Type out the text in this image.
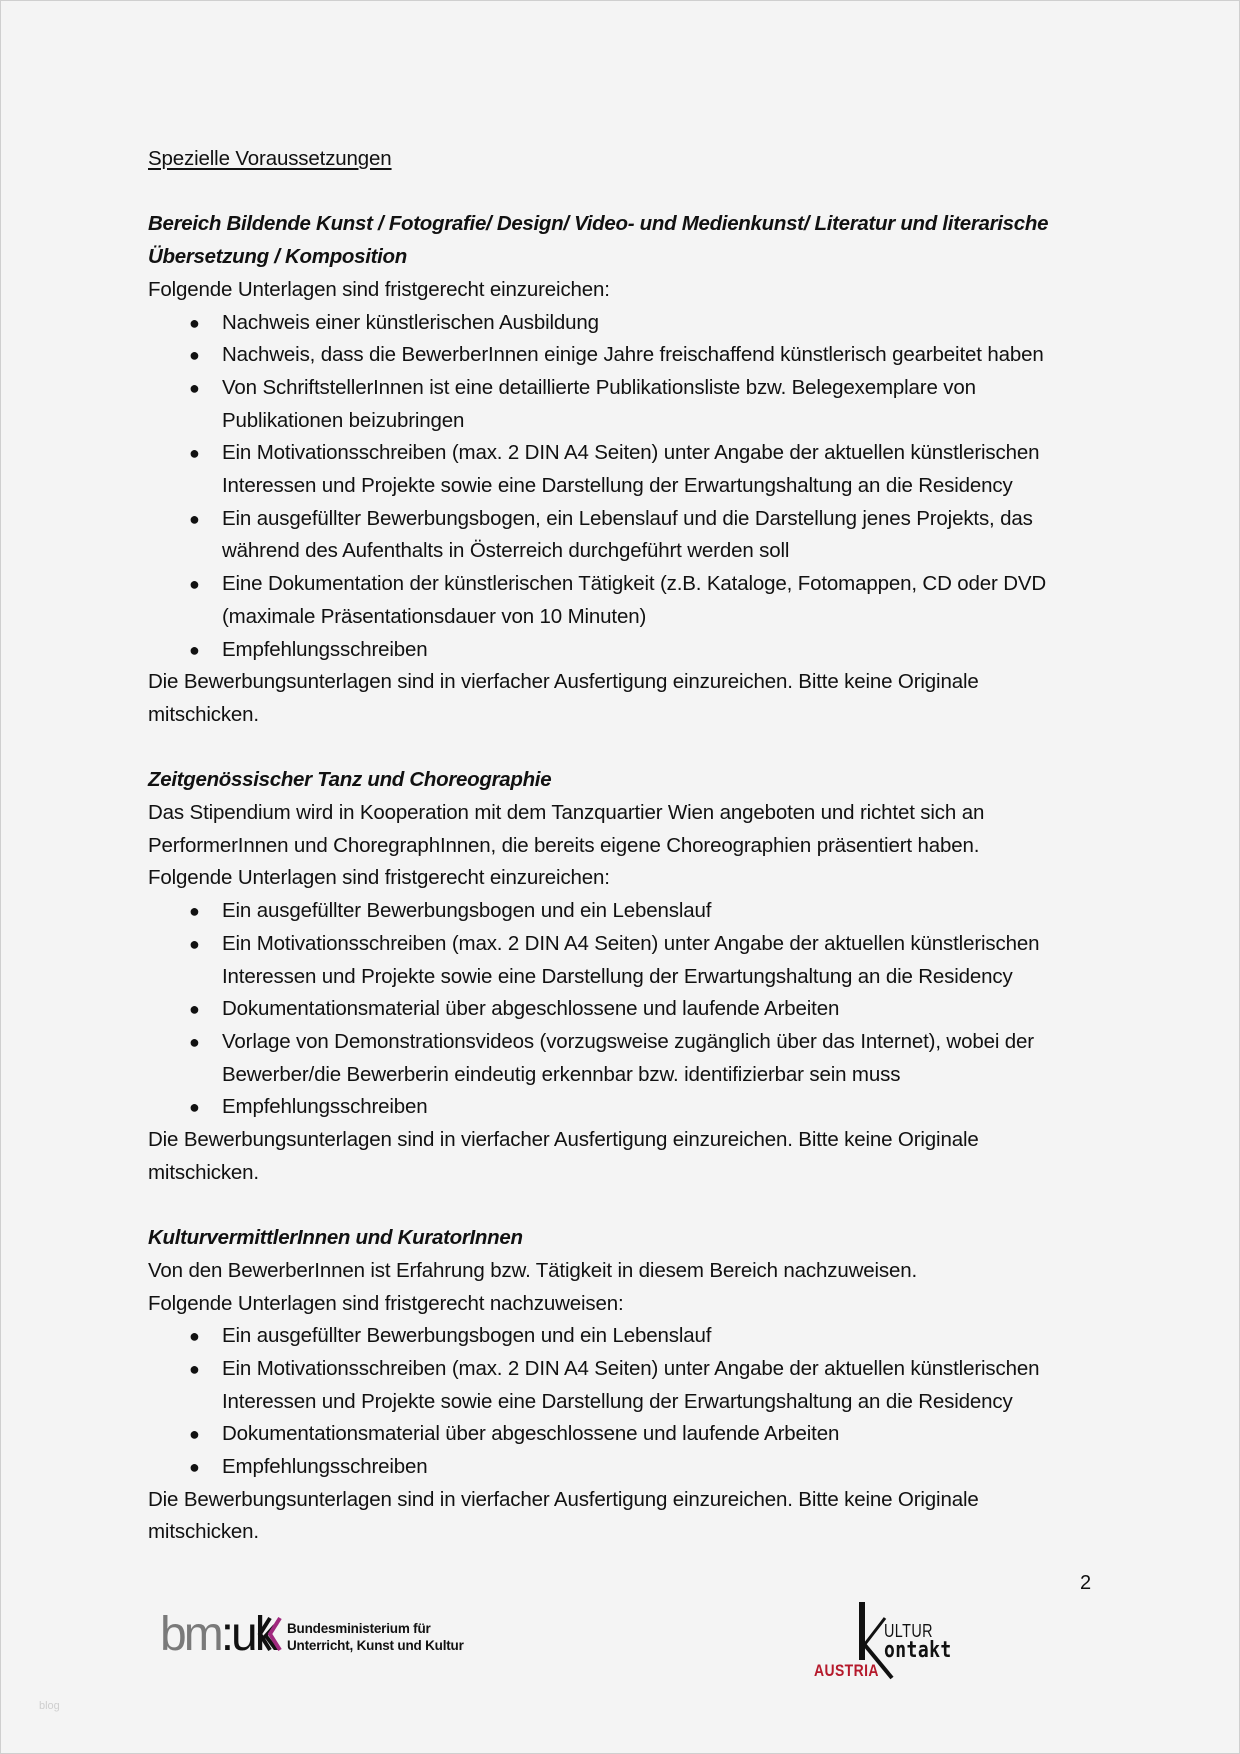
Spezielle Voraussetzungen

Bereich Bildende Kunst / Fotografie/ Design/ Video- und Medienkunst/ Literatur und literarische

Übersetzung / Komposition

Folgende Unterlagen sind fristgerecht einzureichen:

● Nachweis einer künstlerischen Ausbildung
● Nachweis, dass die BewerberInnen einige Jahre freischaffend künstlerisch gearbeitet haben
● Von SchriftstellerInnen ist eine detaillierte Publikationsliste bzw. Belegexemplare von
Publikationen beizubringen
● Ein Motivationsschreiben (max. 2 DIN A4 Seiten) unter Angabe der aktuellen künstlerischen
Interessen und Projekte sowie eine Darstellung der Erwartungshaltung an die Residency
● Ein ausgefüllter Bewerbungsbogen, ein Lebenslauf und die Darstellung jenes Projekts, das
während des Aufenthalts in Österreich durchgeführt werden soll
● Eine Dokumentation der künstlerischen Tätigkeit (z.B. Kataloge, Fotomappen, CD oder DVD
(maximale Präsentationsdauer von 10 Minuten)
● Empfehlungsschreiben

Die Bewerbungsunterlagen sind in vierfacher Ausfertigung einzureichen. Bitte keine Originale

mitschicken.

Zeitgenössischer Tanz und Choreographie

Das Stipendium wird in Kooperation mit dem Tanzquartier Wien angeboten und richtet sich an

PerformerInnen und ChoregraphInnen, die bereits eigene Choreographien präsentiert haben.

Folgende Unterlagen sind fristgerecht einzureichen:

● Ein ausgefüllter Bewerbungsbogen und ein Lebenslauf
● Ein Motivationsschreiben (max. 2 DIN A4 Seiten) unter Angabe der aktuellen künstlerischen
Interessen und Projekte sowie eine Darstellung der Erwartungshaltung an die Residency
● Dokumentationsmaterial über abgeschlossene und laufende Arbeiten
● Vorlage von Demonstrationsvideos (vorzugsweise zugänglich über das Internet), wobei der
Bewerber/die Bewerberin eindeutig erkennbar bzw. identifizierbar sein muss
● Empfehlungsschreiben

Die Bewerbungsunterlagen sind in vierfacher Ausfertigung einzureichen. Bitte keine Originale

mitschicken.

KulturvermittlerInnen und KuratorInnen

Von den BewerberInnen ist Erfahrung bzw. Tätigkeit in diesem Bereich nachzuweisen.

Folgende Unterlagen sind fristgerecht nachzuweisen:

● Ein ausgefüllter Bewerbungsbogen und ein Lebenslauf
● Ein Motivationsschreiben (max. 2 DIN A4 Seiten) unter Angabe der aktuellen künstlerischen
Interessen und Projekte sowie eine Darstellung der Erwartungshaltung an die Residency
● Dokumentationsmaterial über abgeschlossene und laufende Arbeiten
● Empfehlungsschreiben

Die Bewerbungsunterlagen sind in vierfacher Ausfertigung einzureichen. Bitte keine Originale

mitschicken.

2
bm:uk Bundesministerium für
Unterricht, Kunst und Kultur
ULTUR
ontakt
AUSTRIA
blog
